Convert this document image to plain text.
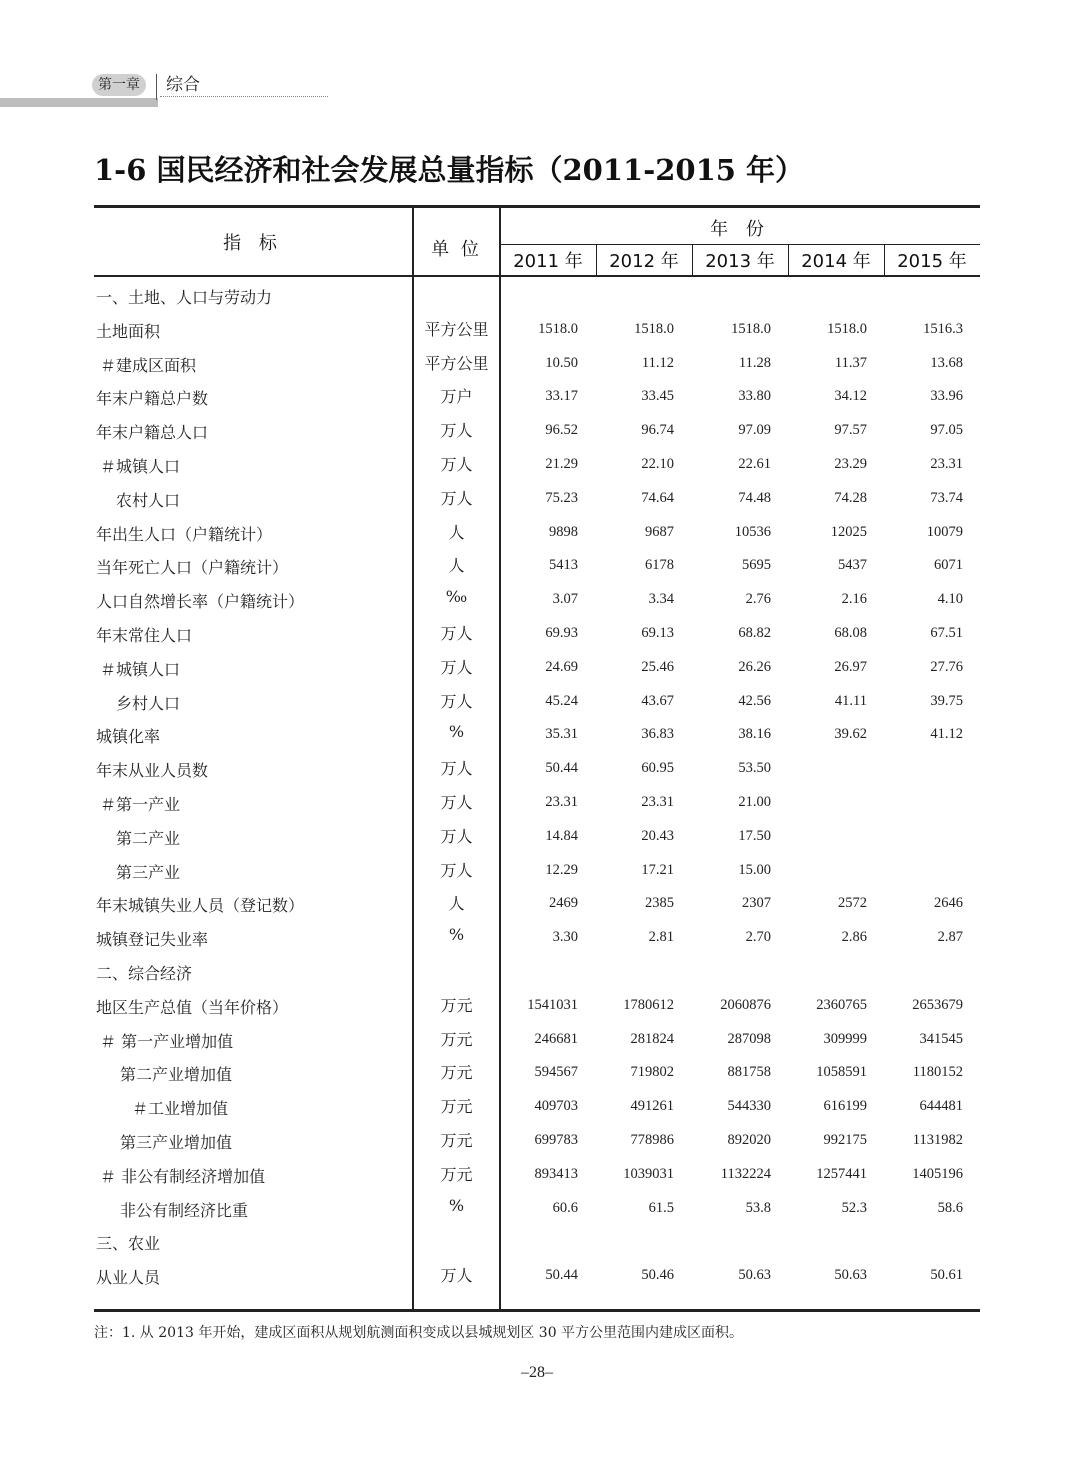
第一章	综合
1-6 国民经济和社会发展总量指标（2011-2015 年）
指 标	单 位
年 份
2011 年	2012 年	2013 年	2014 年	2015 年
一、土地、人口与劳动力
土地面积	平方公里	1518.0	1518.0	1518.0	1518.0	1516.3
＃建成区面积	平方公里	10.50	11.12	11.28	11.37	13.68
年末户籍总户数	万户	33.17	33.45	33.80	34.12	33.96
年末户籍总人口	万人	96.52	96.74	97.09	97.57	97.05
＃城镇人口	万人	21.29	22.10	22.61	23.29	23.31
农村人口	万人	75.23	74.64	74.48	74.28	73.74
年出生人口（户籍统计）	人	9898	9687	10536	12025	10079
当年死亡人口（户籍统计）	人	5413	6178	5695	5437	6071
人口自然增长率（户籍统计）	‰	3.07	3.34	2.76	2.16	4.10
年末常住人口	万人	69.93	69.13	68.82	68.08	67.51
＃城镇人口	万人	24.69	25.46	26.26	26.97	27.76
乡村人口	万人	45.24	43.67	42.56	41.11	39.75
城镇化率	%	35.31	36.83	38.16	39.62	41.12
年末从业人员数	万人	50.44	60.95	53.50
＃第一产业	万人	23.31	23.31	21.00
第二产业	万人	14.84	20.43	17.50
第三产业	万人	12.29	17.21	15.00
年末城镇失业人员（登记数）	人	2469	2385	2307	2572	2646
城镇登记失业率	%	3.30	2.81	2.70	2.86	2.87
二、综合经济
地区生产总值（当年价格）	万元	1541031	1780612	2060876	2360765	2653679
＃ 第一产业增加值	万元	246681	281824	287098	309999	341545
第二产业增加值	万元	594567	719802	881758	1058591	1180152
＃工业增加值	万元	409703	491261	544330	616199	644481
第三产业增加值	万元	699783	778986	892020	992175	1131982
＃ 非公有制经济增加值	万元	893413	1039031	1132224	1257441	1405196
非公有制经济比重	%	60.6	61.5	53.8	52.3	58.6
三、农业
从业人员	万人	50.44	50.46	50.63	50.63	50.61
注：1. 从 2013 年开始，建成区面积从规划航测面积变成以县城规划区 30 平方公里范围内建成区面积。
–28–
